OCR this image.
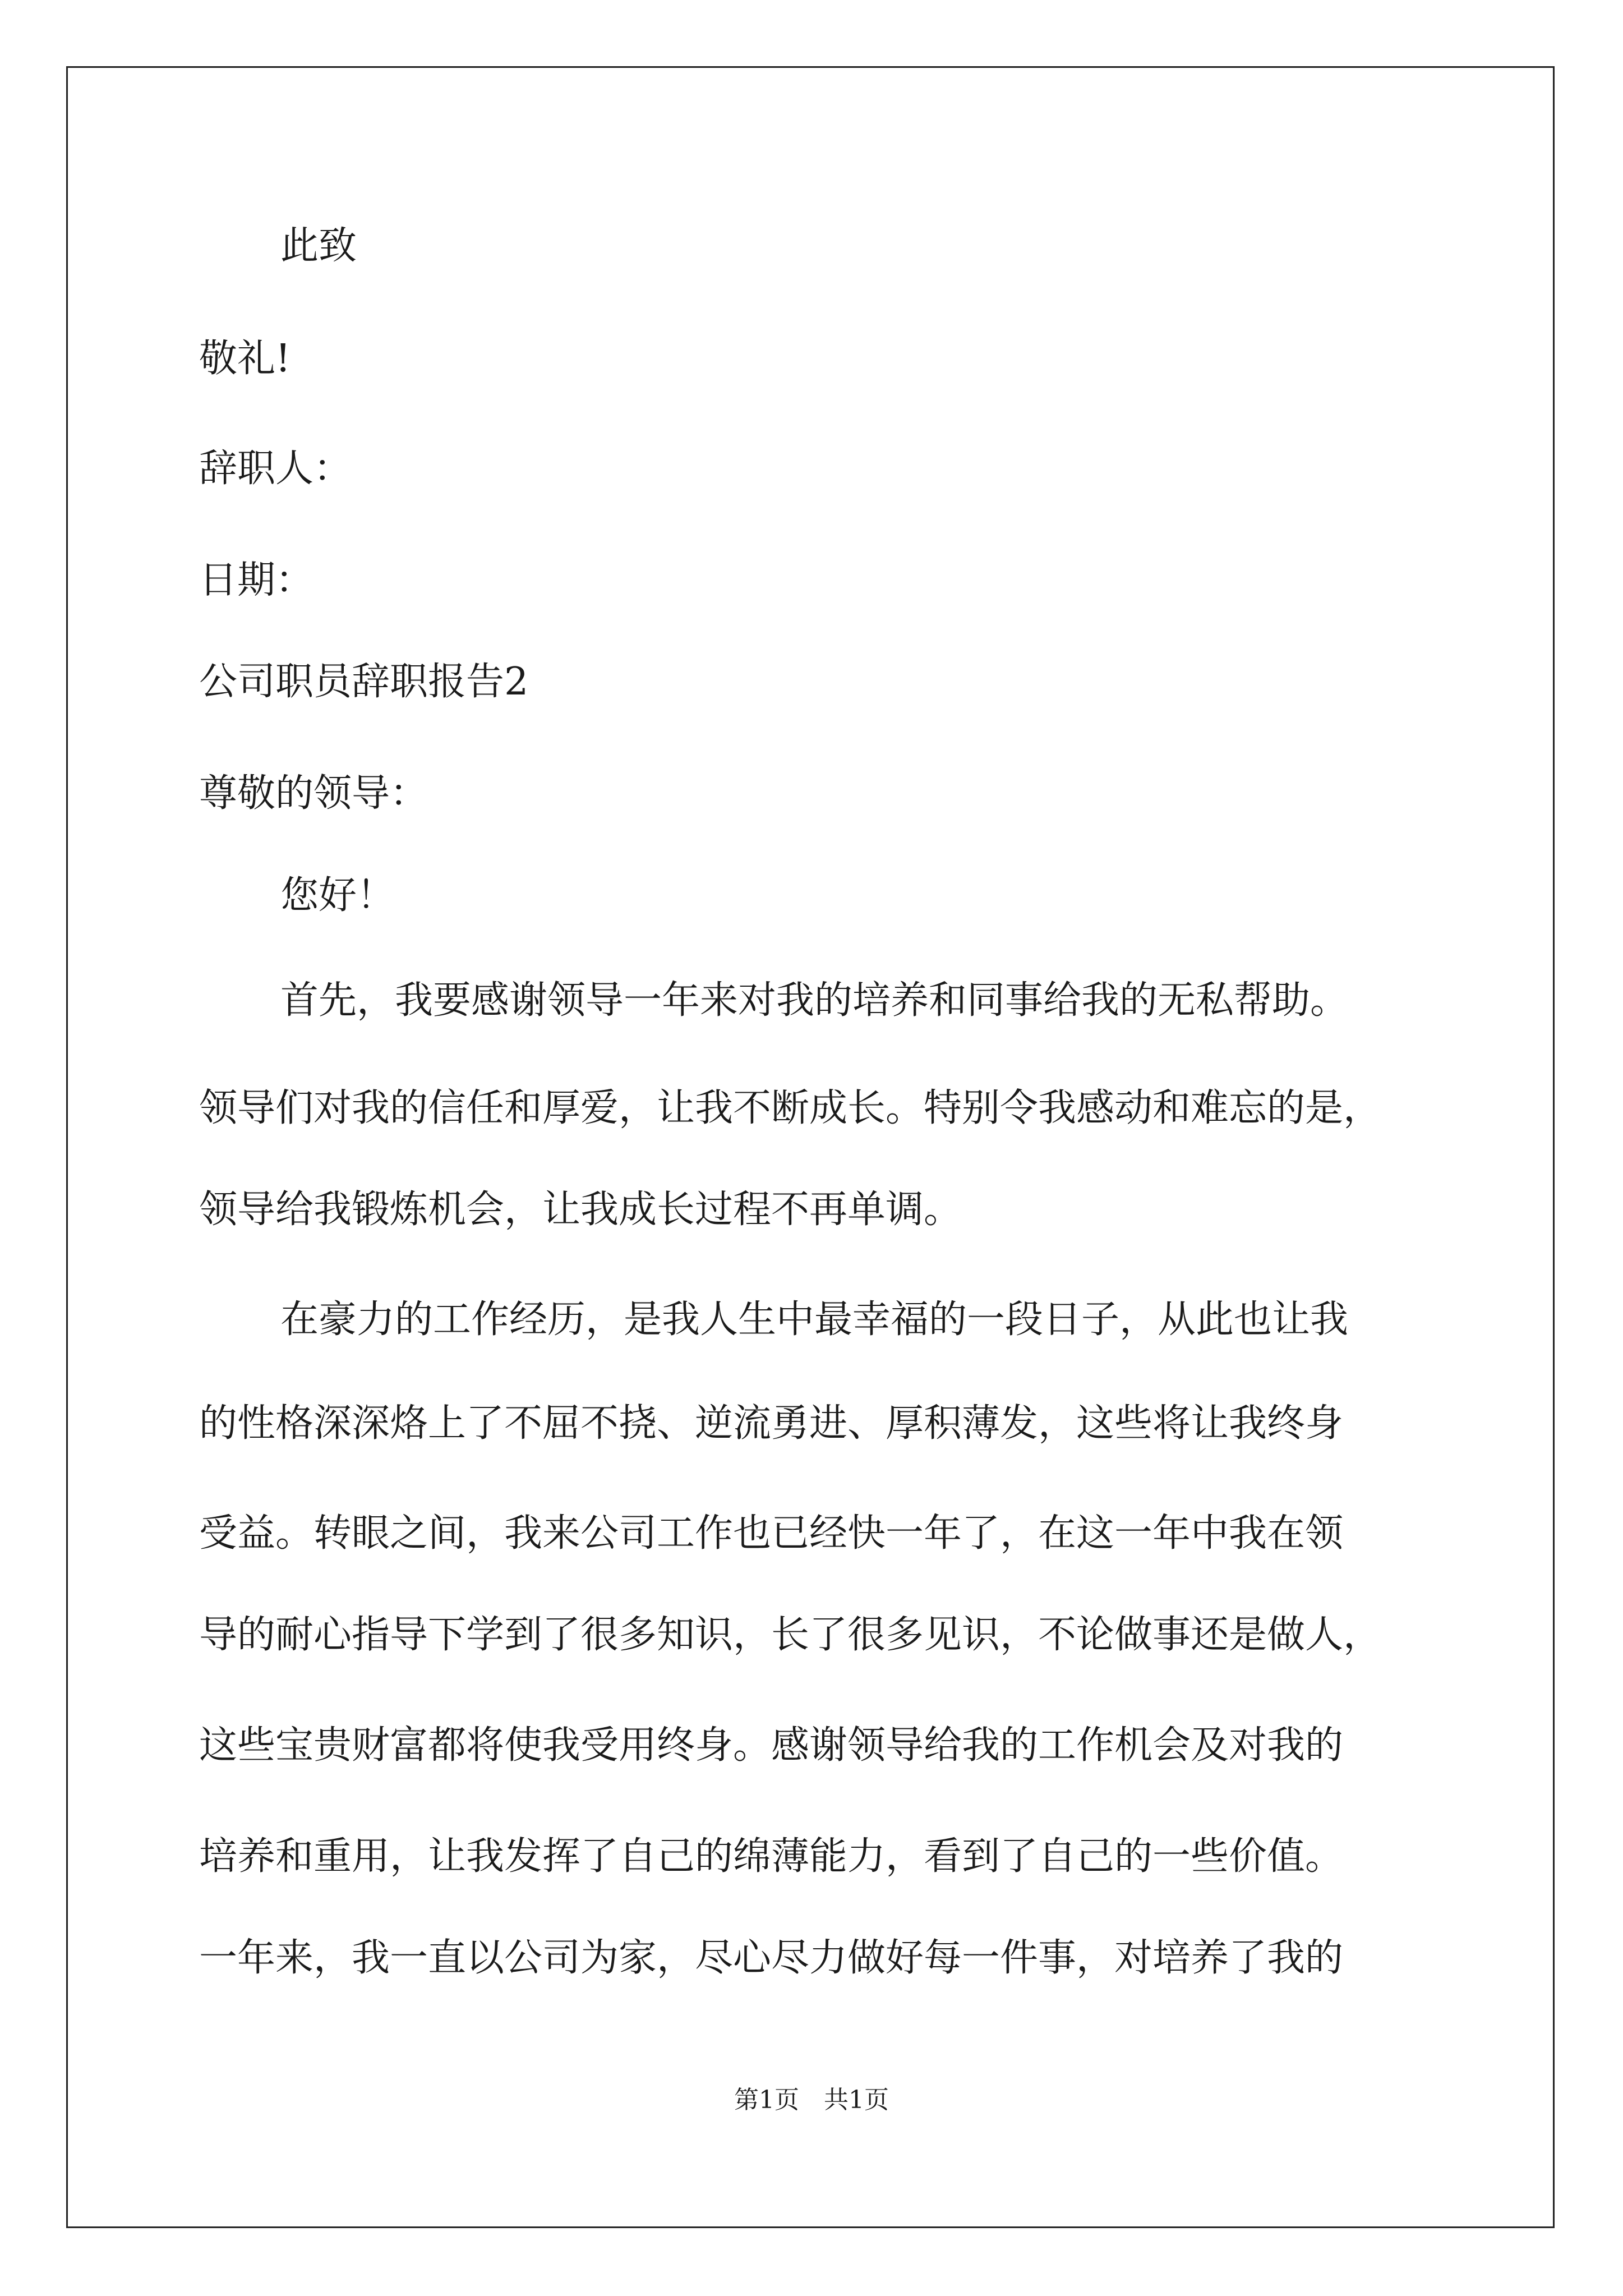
此致
敬礼!
辞职人：
日期：
公司职员辞职报告2
尊敬的领导：
您好！
首先，我要感谢领导一年来对我的培养和同事给我的无私帮助。
领导们对我的信任和厚爱，让我不断成长。特别令我感动和难忘的是，
领导给我锻炼机会，让我成长过程不再单调。
在豪力的工作经历，是我人生中最幸福的一段日子，从此也让我
的性格深深烙上了不屈不挠、逆流勇进、厚积薄发，这些将让我终身
受益。转眼之间，我来公司工作也已经快一年了，在这一年中我在领
导的耐心指导下学到了很多知识，长了很多见识，不论做事还是做人，
这些宝贵财富都将使我受用终身。感谢领导给我的工作机会及对我的
培养和重用，让我发挥了自己的绵薄能力，看到了自己的一些价值。
一年来，我一直以公司为家，尽心尽力做好每一件事，对培养了我的
第1页 共1页
